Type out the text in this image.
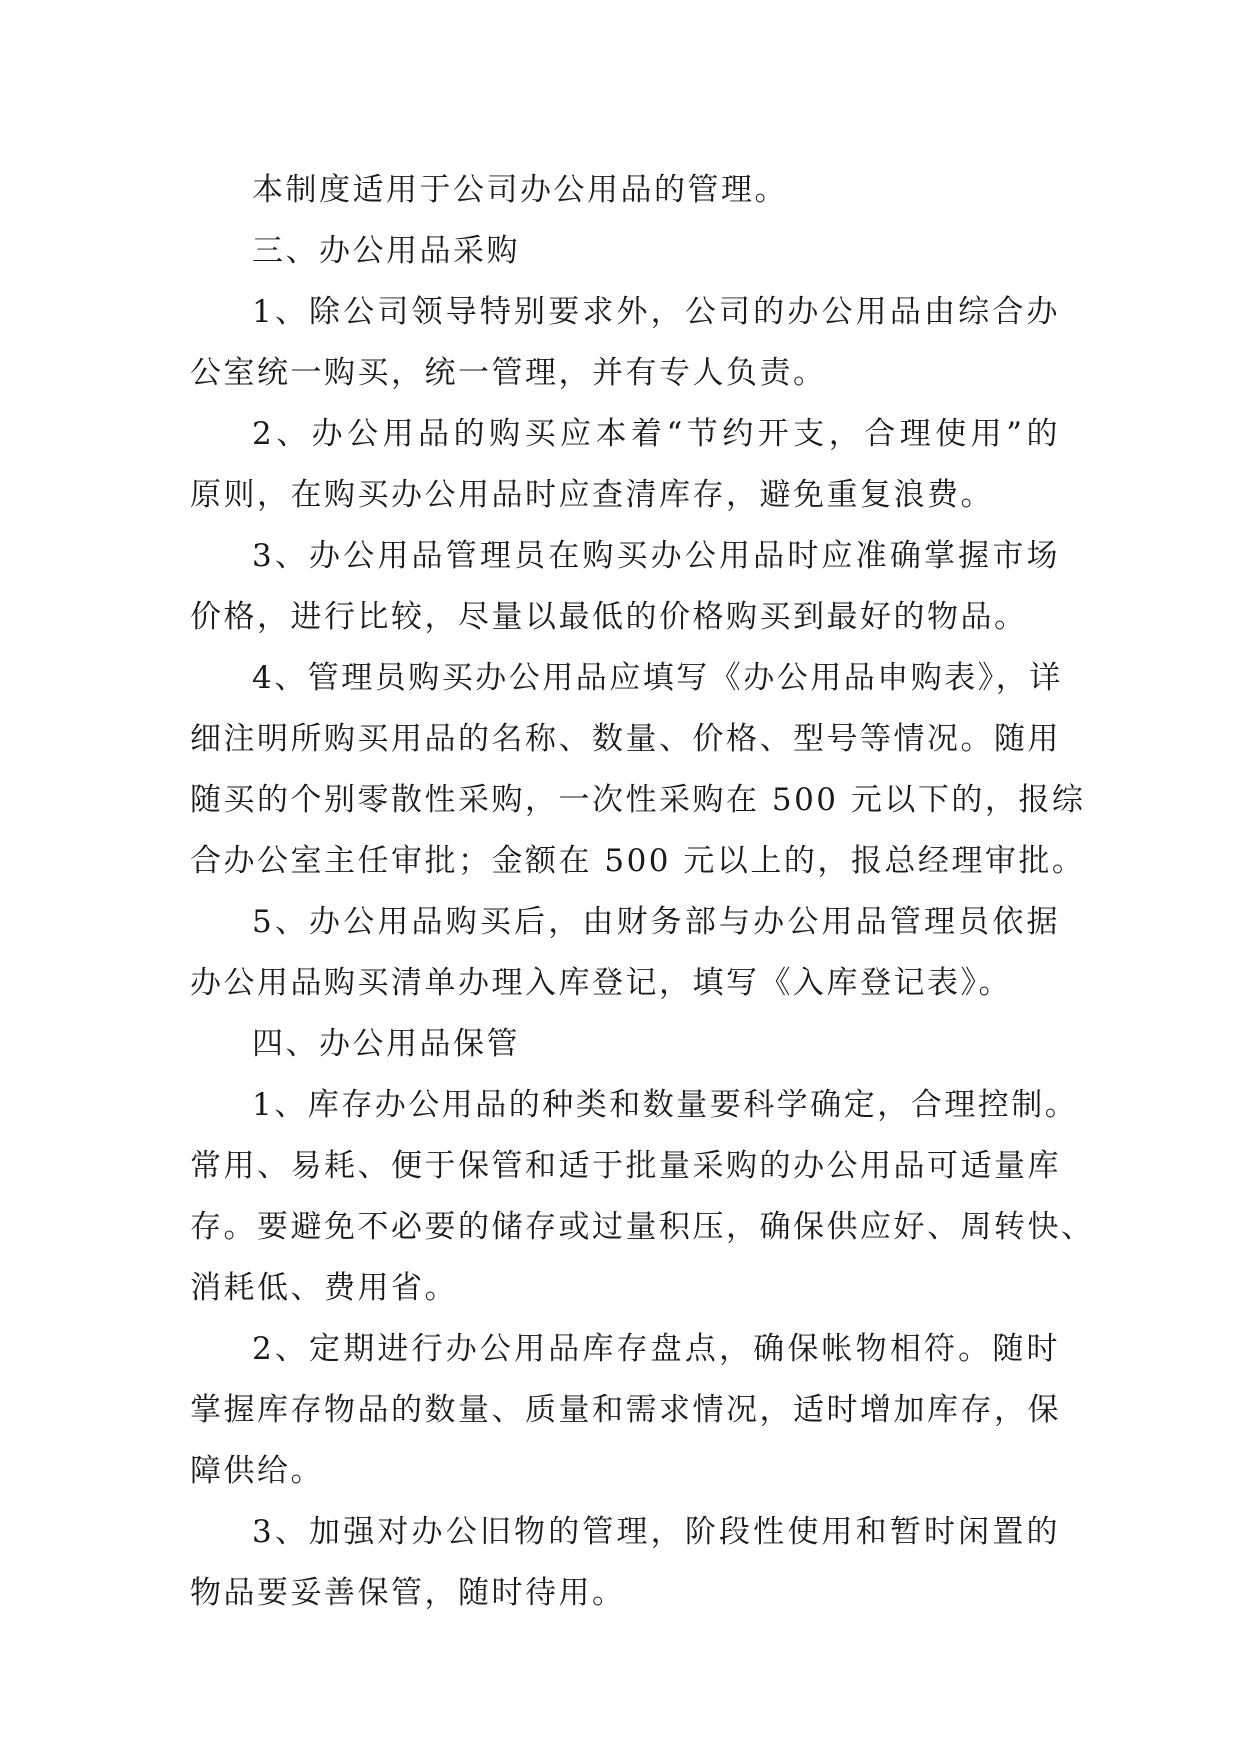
本制度适用于公司办公用品的管理。
三、办公用品采购
1、除公司领导特别要求外，公司的办公用品由综合办
公室统一购买，统一管理，并有专人负责。
2、办公用品的购买应本着“节约开支，合理使用”的
原则，在购买办公用品时应查清库存，避免重复浪费。
3、办公用品管理员在购买办公用品时应准确掌握市场
价格，进行比较，尽量以最低的价格购买到最好的物品。
4、管理员购买办公用品应填写《办公用品申购表》，详
细注明所购买用品的名称、数量、价格、型号等情况。随用
随买的个别零散性采购，一次性采购在 500 元以下的，报综
合办公室主任审批；金额在 500 元以上的，报总经理审批。
5、办公用品购买后，由财务部与办公用品管理员依据
办公用品购买清单办理入库登记，填写《入库登记表》。
四、办公用品保管
1、库存办公用品的种类和数量要科学确定，合理控制。
常用、易耗、便于保管和适于批量采购的办公用品可适量库
存。要避免不必要的储存或过量积压，确保供应好、周转快、
消耗低、费用省。
2、定期进行办公用品库存盘点，确保帐物相符。随时
掌握库存物品的数量、质量和需求情况，适时增加库存，保
障供给。
3、加强对办公旧物的管理，阶段性使用和暂时闲置的
物品要妥善保管，随时待用。
